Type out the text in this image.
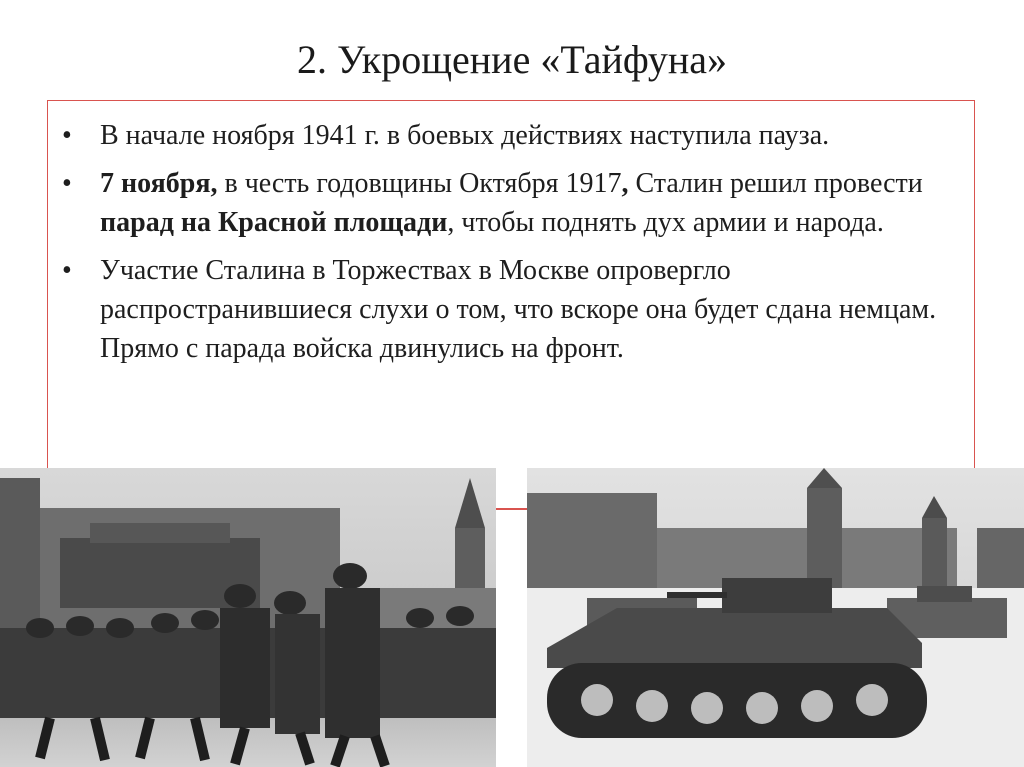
2. Укрощение «Тайфуна»
• В начале ноября 1941 г. в боевых действиях наступила пауза.
• 7 ноября, в честь годовщины Октября 1917, Сталин решил провести парад на Красной площади, чтобы поднять дух армии и народа.
• Участие Сталина в Торжествах в Москве опровергло распространившиеся слухи о том, что вскоре она будет сдана немцам. Прямо с парада войска двинулись на фронт.
